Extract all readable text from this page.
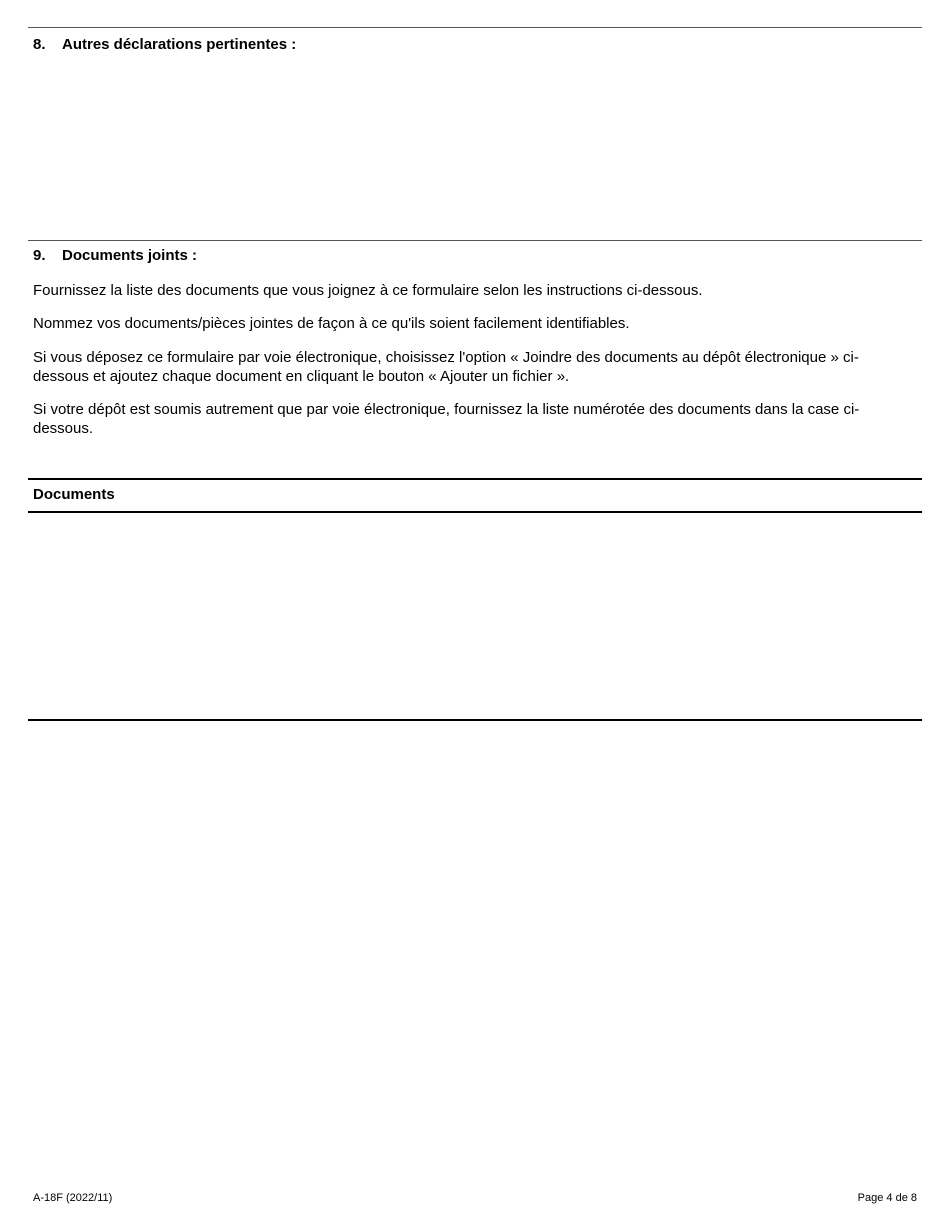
8. Autres déclarations pertinentes :
9. Documents joints :
Fournissez la liste des documents que vous joignez à ce formulaire selon les instructions ci-dessous.
Nommez vos documents/pièces jointes de façon à ce qu'ils soient facilement identifiables.
Si vous déposez ce formulaire par voie électronique, choisissez l'option « Joindre des documents au dépôt électronique » ci-dessous et ajoutez chaque document en cliquant le bouton « Ajouter un fichier ».
Si votre dépôt est soumis autrement que par voie électronique, fournissez la liste numérotée des documents dans la case ci-dessous.
Documents
A-18F (2022/11)	Page 4 de 8
